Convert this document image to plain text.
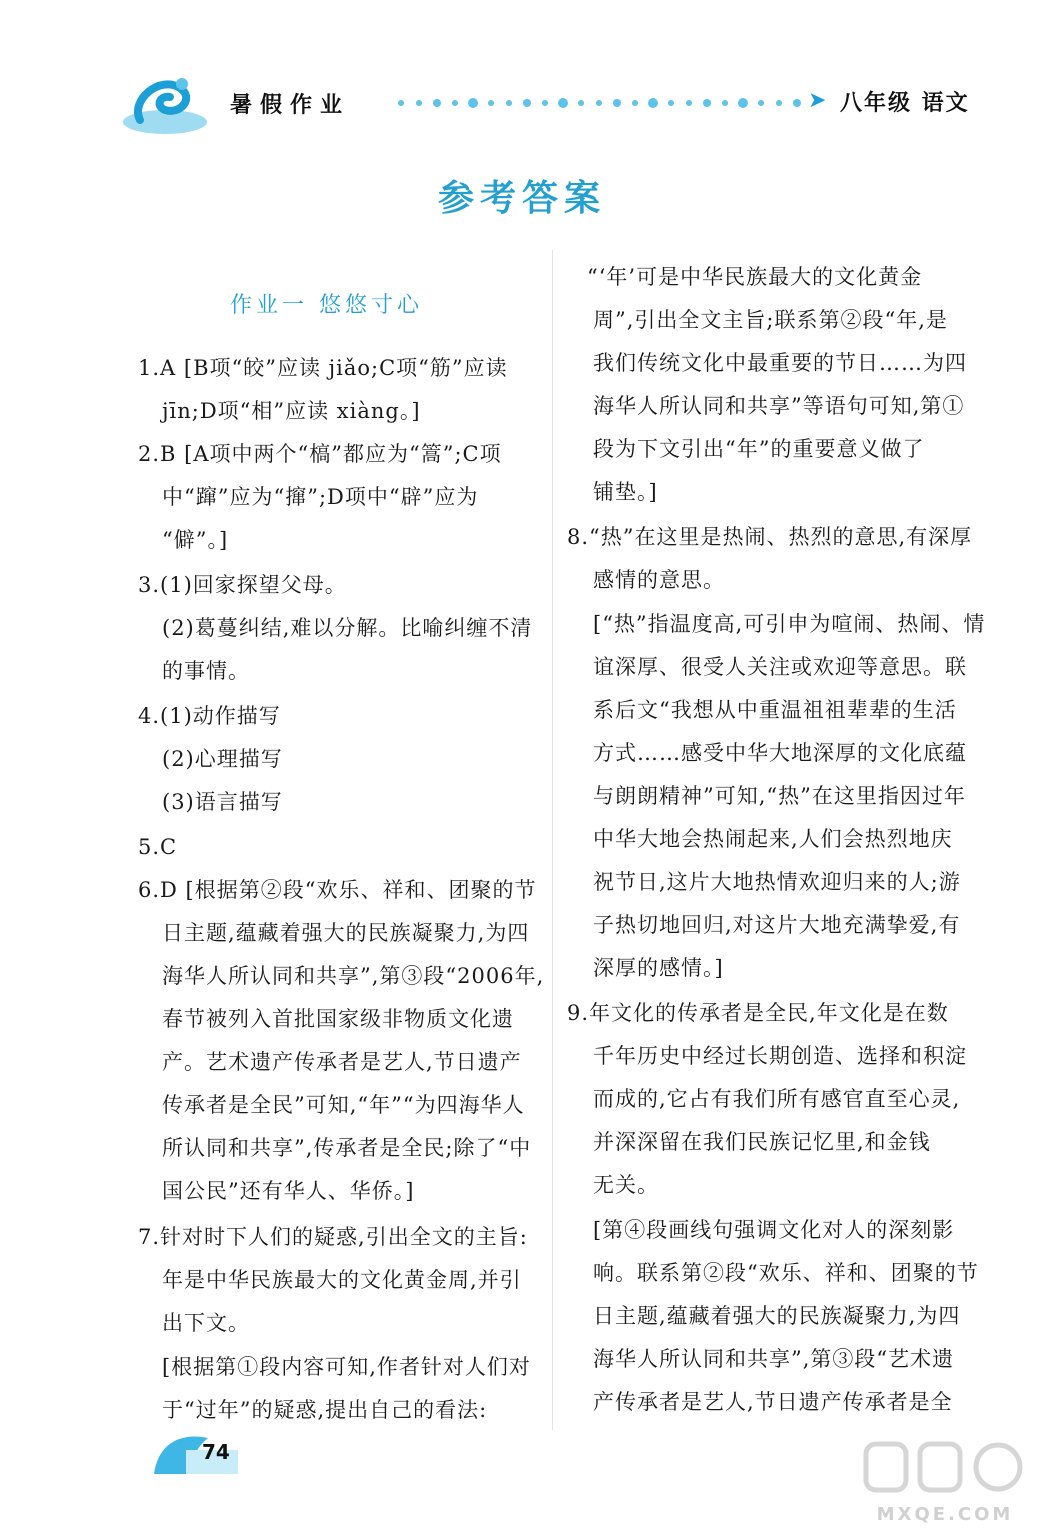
暑假作业	➤ 八年级 语文
参考答案
作业一 悠悠寸心
1.A [B项“皎”应读 jiǎo;C项“筋”应读
jīn;D项“相”应读 xiàng。]
2.B [A项中两个“槁”都应为“篙”;C项
中“蹿”应为“撺”;D项中“辟”应为
“僻”。]
3.(1)回家探望父母。
(2)葛蔓纠结,难以分解。比喻纠缠不清
的事情。
4.(1)动作描写
(2)心理描写
(3)语言描写
5.C
6.D [根据第②段“欢乐、祥和、团聚的节
日主题,蕴藏着强大的民族凝聚力,为四
海华人所认同和共享”,第③段“2006年,
春节被列入首批国家级非物质文化遗
产。艺术遗产传承者是艺人,节日遗产
传承者是全民”可知,“年”“为四海华人
所认同和共享”,传承者是全民;除了“中
国公民”还有华人、华侨。]
7.针对时下人们的疑惑,引出全文的主旨:
年是中华民族最大的文化黄金周,并引
出下文。
[根据第①段内容可知,作者针对人们对
于“过年”的疑惑,提出自己的看法:
“‘年’可是中华民族最大的文化黄金
周”,引出全文主旨;联系第②段“年,是
我们传统文化中最重要的节日……为四
海华人所认同和共享”等语句可知,第①
段为下文引出“年”的重要意义做了
铺垫。]
8.“热”在这里是热闹、热烈的意思,有深厚
感情的意思。
[“热”指温度高,可引申为喧闹、热闹、情
谊深厚、很受人关注或欢迎等意思。联
系后文“我想从中重温祖祖辈辈的生活
方式……感受中华大地深厚的文化底蕴
与朗朗精神”可知,“热”在这里指因过年
中华大地会热闹起来,人们会热烈地庆
祝节日,这片大地热情欢迎归来的人;游
子热切地回归,对这片大地充满挚爱,有
深厚的感情。]
9.年文化的传承者是全民,年文化是在数
千年历史中经过长期创造、选择和积淀
而成的,它占有我们所有感官直至心灵,
并深深留在我们民族记忆里,和金钱
无关。
[第④段画线句强调文化对人的深刻影
响。联系第②段“欢乐、祥和、团聚的节
日主题,蕴藏着强大的民族凝聚力,为四
海华人所认同和共享”,第③段“艺术遗
产传承者是艺人,节日遗产传承者是全
74
MXQE.COM
